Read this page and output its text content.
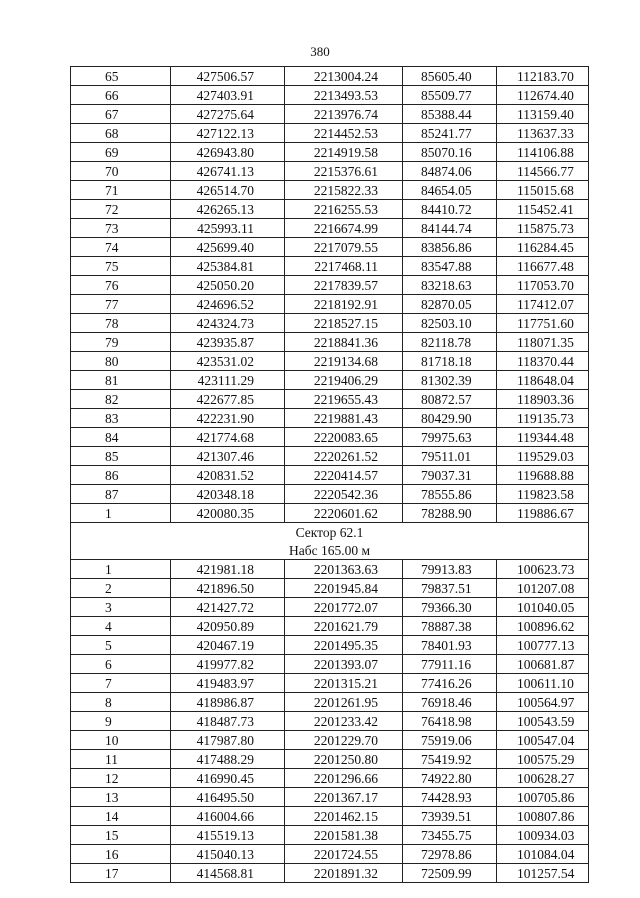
380
65	427506.57	2213004.24	85605.40	112183.70
66	427403.91	2213493.53	85509.77	112674.40
67	427275.64	2213976.74	85388.44	113159.40
68	427122.13	2214452.53	85241.77	113637.33
69	426943.80	2214919.58	85070.16	114106.88
70	426741.13	2215376.61	84874.06	114566.77
71	426514.70	2215822.33	84654.05	115015.68
72	426265.13	2216255.53	84410.72	115452.41
73	425993.11	2216674.99	84144.74	115875.73
74	425699.40	2217079.55	83856.86	116284.45
75	425384.81	2217468.11	83547.88	116677.48
76	425050.20	2217839.57	83218.63	117053.70
77	424696.52	2218192.91	82870.05	117412.07
78	424324.73	2218527.15	82503.10	117751.60
79	423935.87	2218841.36	82118.78	118071.35
80	423531.02	2219134.68	81718.18	118370.44
81	423111.29	2219406.29	81302.39	118648.04
82	422677.85	2219655.43	80872.57	118903.36
83	422231.90	2219881.43	80429.90	119135.73
84	421774.68	2220083.65	79975.63	119344.48
85	421307.46	2220261.52	79511.01	119529.03
86	420831.52	2220414.57	79037.31	119688.88
87	420348.18	2220542.36	78555.86	119823.58
1	420080.35	2220601.62	78288.90	119886.67
Сектор 62.1				
Набс 165.00 м				
1	421981.18	2201363.63	79913.83	100623.73
2	421896.50	2201945.84	79837.51	101207.08
3	421427.72	2201772.07	79366.30	101040.05
4	420950.89	2201621.79	78887.38	100896.62
5	420467.19	2201495.35	78401.93	100777.13
6	419977.82	2201393.07	77911.16	100681.87
7	419483.97	2201315.21	77416.26	100611.10
8	418986.87	2201261.95	76918.46	100564.97
9	418487.73	2201233.42	76418.98	100543.59
10	417987.80	2201229.70	75919.06	100547.04
11	417488.29	2201250.80	75419.92	100575.29
12	416990.45	2201296.66	74922.80	100628.27
13	416495.50	2201367.17	74428.93	100705.86
14	416004.66	2201462.15	73939.51	100807.86
15	415519.13	2201581.38	73455.75	100934.03
16	415040.13	2201724.55	72978.86	101084.04
17	414568.81	2201891.32	72509.99	101257.54
